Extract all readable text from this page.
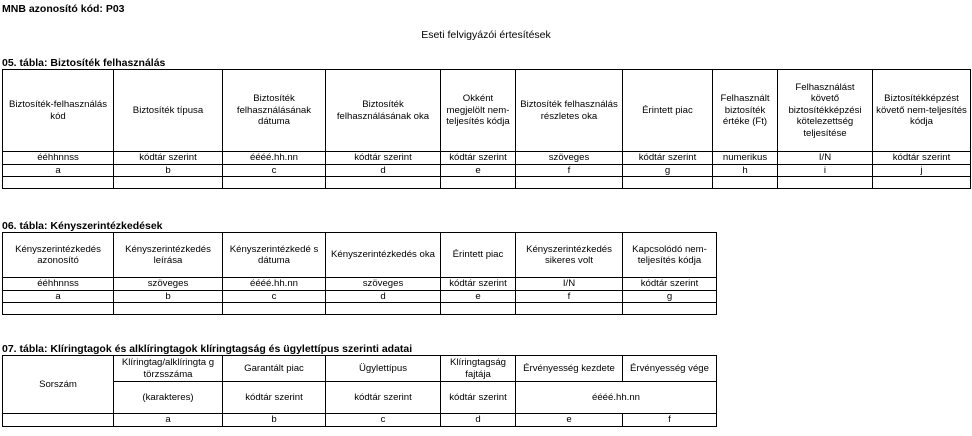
MNB azonosító kód: P03
Eseti felvigyázói értesítések
05. tábla: Biztosíték felhasználás
Biztosíték-felhasználás kód	Biztosíték típusa	Biztosíték felhasználásának dátuma	Biztosíték felhasználásának oka	Okként megjelölt nem-teljesítés kódja	Biztosíték felhasználás részletes oka	Érintett piac	Felhasznált biztosíték értéke (Ft)	Felhasználást követő biztosítékképzési kötelezettség teljesítése	Biztosítékképzést követő nem-teljesítés kódja
ééhhnnss	kódtár szerint	éééé.hh.nn	kódtár szerint	kódtár szerint	szöveges	kódtár szerint	numerikus	I/N	kódtár szerint
a	b	c	d	e	f	g	h	i	j

06. tábla: Kényszerintézkedések
Kényszerintézkedés azonosító	Kényszerintézkedés leírása	Kényszerintézkedé s dátuma	Kényszerintézkedés oka	Érintett piac	Kényszerintézkedés sikeres volt	Kapcsolódó nem-teljesítés kódja
ééhhnnss	szöveges	éééé.hh.nn	szöveges	kódtár szerint	I/N	kódtár szerint
a	b	c	d	e	f	g

07. tábla: Klíringtagok és alklíringtagok klíringtagság és ügylettípus szerinti adatai
Sorszám	Klíringtag/alklíringta g törzsszáma	Garantált piac	Ügylettípus	Klíringtagság fajtája	Érvényesség kezdete	Érvényesség vége
	(karakteres)	kódtár szerint	kódtár szerint	kódtár szerint	éééé.hh.nn	
	a	b	c	d	e	f
